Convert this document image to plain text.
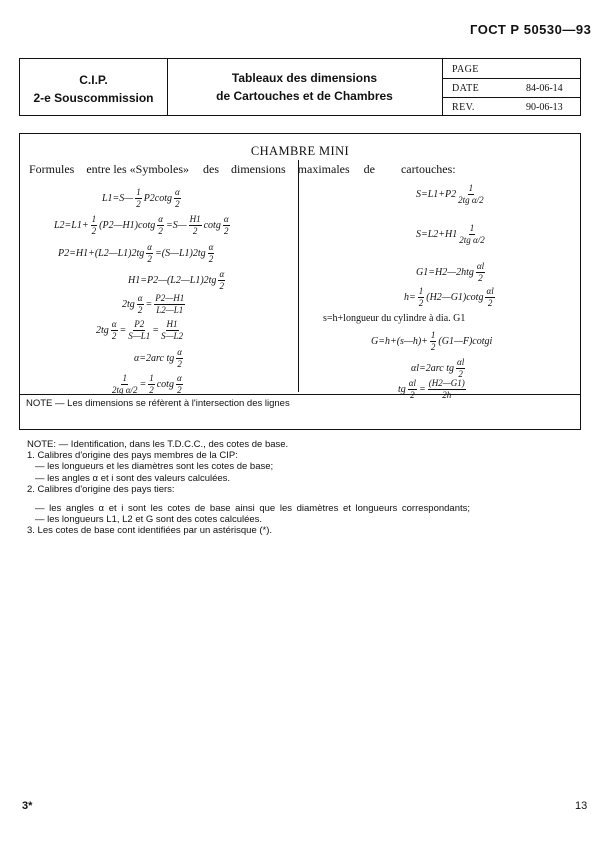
ГОСТ Р 50530—93
C.I.P.
2-e Souscommission
Tableaux des dimensions
de Cartouches et de Chambres
PAGE
DATE	84-06-14
REV.	90-06-13
CHAMBRE MINI
Formules entre les «Symboles» des dimensions maximales de cartouches:
L1=S—
1
2
P2cotg
α
2
$L2=L1+ \frac{1}{2}$ (P2—H1)cotg $\frac{\alpha}{2}$ =S—
H1
2
cotg
α
2
P2=H1+(L2—L1)2tg $\frac{\alpha}{2}$ =(S—L1)2tg
α
2
H1=P2—(L2—L1)2tg
α
2
$2tg \frac{\alpha}{2} = \frac{P2—H1}{L2—L1}$
$2tg \frac{\alpha}{2} = \frac{P2}{S—L1} = \frac{H1}{S—L2}$
α=2arc tg
α
2
$\frac{1}{\text{2tg α/2}} = \frac{1}{2}$ cotg
α
2
S=L1+P2
1
2tg α/2
S=L2+H1
1
2tg α/2
G1=H2—2htg
αl
2
$h= \frac{1}{2}$ (H2—G1)cotg
αl
2
s=h+longueur du cylindre à dia. G1
G=h+(s—h)+ $\frac{1}{2}$ (G1—F)cotgi
αl=2arc tg
αl
2
tg $\frac{\alpha l}{2} = \frac{(H2—G1)}{2h}$
NOTE — Les dimensions se réfèrent à l'intersection des lignes
NOTE: — Identification, dans les T.D.C.C., des cotes de base.
1. Calibres d'origine des pays membres de la CIP:
— les longueurs et les diamètres sont les cotes de base;
— les angles α et i sont des valeurs calculées.
2. Calibres d'origine des pays tiers:
— les angles α et i sont les cotes de base ainsi que les diamètres et longueurs correspondants;
— les longueurs L1, L2 et G sont des cotes calculées.
3. Les cotes de base cont identifiées par un astérisque (*).
3*	13
